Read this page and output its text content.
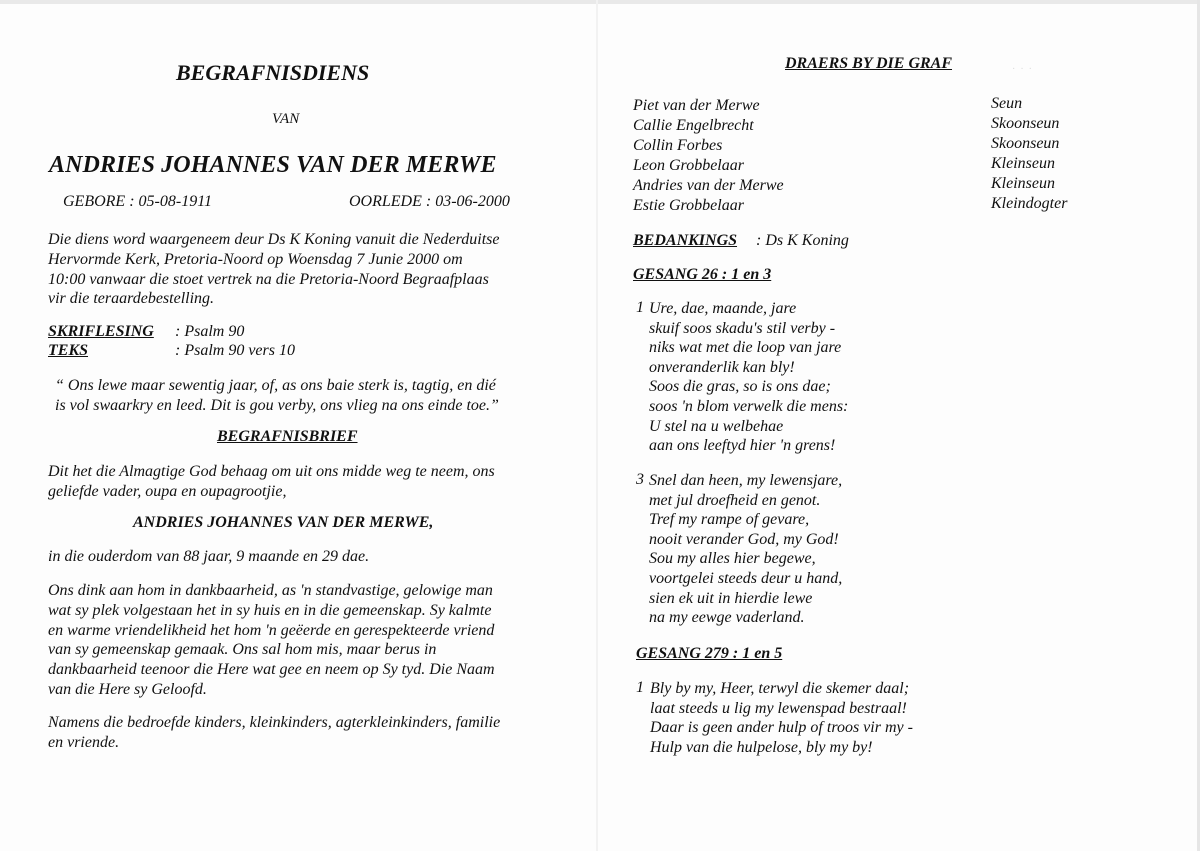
·  ·  ·
BEGRAFNISDIENS
VAN
ANDRIES JOHANNES VAN DER MERWE
GEBORE : 05-08-1911	OORLEDE : 03-06-2000
Die diens word waargeneem deur Ds K Koning vanuit die Nederduitse
Hervormde Kerk, Pretoria-Noord op Woensdag 7 Junie 2000 om
10:00 vanwaar die stoet vertrek na die Pretoria-Noord Begraafplaas
vir die teraardebestelling.
SKRIFLESING : Psalm 90
TEKS	: Psalm 90 vers 10
“ Ons lewe maar sewentig jaar, of, as ons baie sterk is, tagtig, en dié
is vol swaarkry en leed. Dit is gou verby, ons vlieg na ons einde toe.”
BEGRAFNISBRIEF
Dit het die Almagtige God behaag om uit ons midde weg te neem, ons
geliefde vader, oupa en oupagrootjie,
ANDRIES JOHANNES VAN DER MERWE,
in die ouderdom van 88 jaar, 9 maande en 29 dae.
Ons dink aan hom in dankbaarheid, as 'n standvastige, gelowige man
wat sy plek volgestaan het in sy huis en in die gemeenskap. Sy kalmte
en warme vriendelikheid het hom 'n geëerde en gerespekteerde vriend
van sy gemeenskap gemaak. Ons sal hom mis, maar berus in
dankbaarheid teenoor die Here wat gee en neem op Sy tyd. Die Naam
van die Here sy Geloofd.
Namens die bedroefde kinders, kleinkinders, agterkleinkinders, familie
en vriende.
DRAERS BY DIE GRAF
Piet van der Merwe
Callie Engelbrecht
Collin Forbes
Leon Grobbelaar
Andries van der Merwe
Estie Grobbelaar
Seun
Skoonseun
Skoonseun
Kleinseun
Kleinseun
Kleindogter
BEDANKINGS : Ds K Koning
GESANG 26 : 1 en 3
1 Ure, dae, maande, jare
skuif soos skadu's stil verby -
niks wat met die loop van jare
onveranderlik kan bly!
Soos die gras, so is ons dae;
soos 'n blom verwelk die mens:
U stel na u welbehae
aan ons leeftyd hier 'n grens!
3 Snel dan heen, my lewensjare,
met jul droefheid en genot.
Tref my rampe of gevare,
nooit verander God, my God!
Sou my alles hier begewe,
voortgelei steeds deur u hand,
sien ek uit in hierdie lewe
na my eewge vaderland.
GESANG 279 : 1 en 5
1 Bly by my, Heer, terwyl die skemer daal;
laat steeds u lig my lewenspad bestraal!
Daar is geen ander hulp of troos vir my -
Hulp van die hulpelose, bly my by!
